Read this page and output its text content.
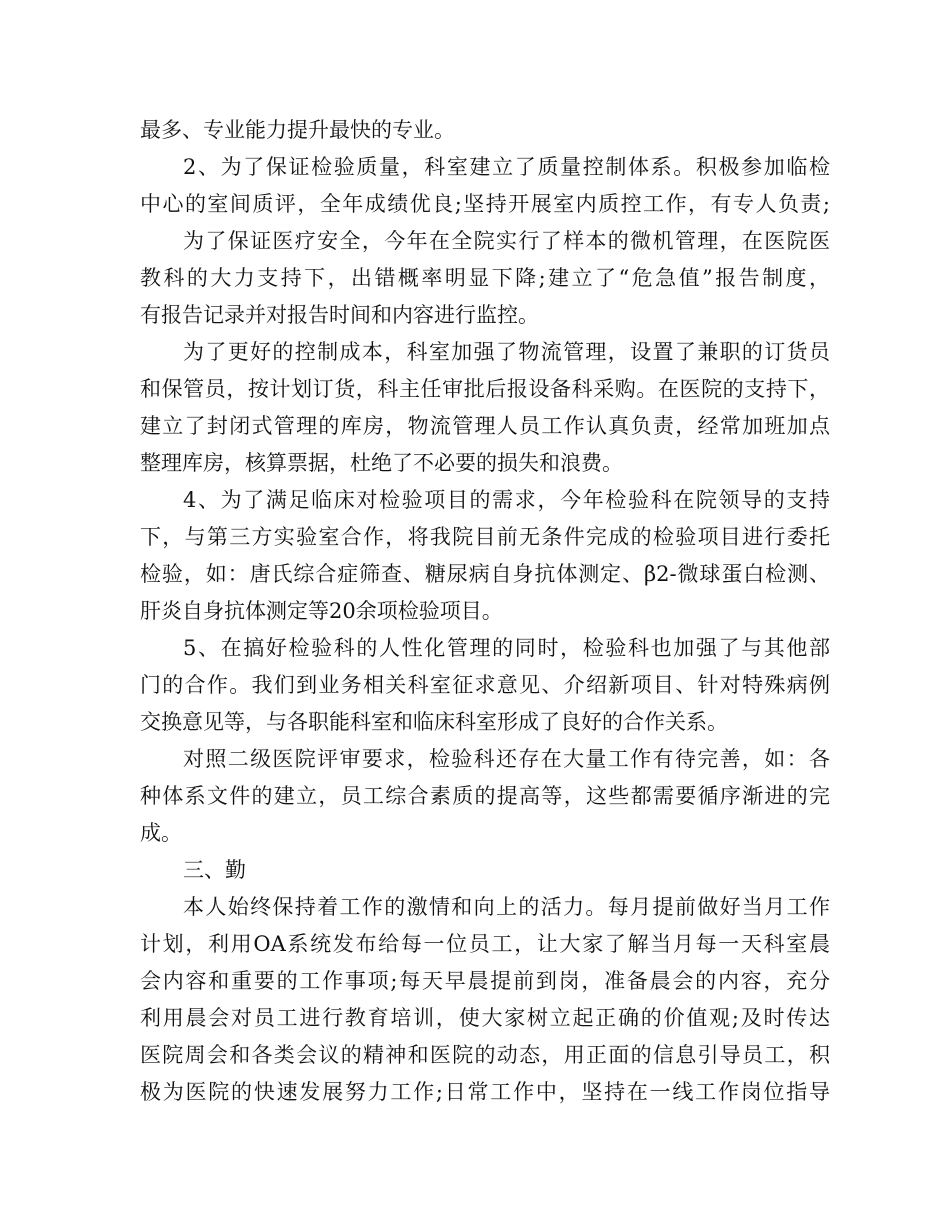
最多、专业能力提升最快的专业。
2、为了保证检验质量，科室建立了质量控制体系。积极参加临检
中心的室间质评，全年成绩优良;坚持开展室内质控工作，有专人负责;
为了保证医疗安全，今年在全院实行了样本的微机管理，在医院医
教科的大力支持下，出错概率明显下降;建立了“危急值”报告制度，
有报告记录并对报告时间和内容进行监控。
为了更好的控制成本，科室加强了物流管理，设置了兼职的订货员
和保管员，按计划订货，科主任审批后报设备科采购。在医院的支持下，
建立了封闭式管理的库房，物流管理人员工作认真负责，经常加班加点
整理库房，核算票据，杜绝了不必要的损失和浪费。
4、为了满足临床对检验项目的需求，今年检验科在院领导的支持
下，与第三方实验室合作，将我院目前无条件完成的检验项目进行委托
检验，如：唐氏综合症筛查、糖尿病自身抗体测定、β2-微球蛋白检测、
肝炎自身抗体测定等20余项检验项目。
5、在搞好检验科的人性化管理的同时，检验科也加强了与其他部
门的合作。我们到业务相关科室征求意见、介绍新项目、针对特殊病例
交换意见等，与各职能科室和临床科室形成了良好的合作关系。
对照二级医院评审要求，检验科还存在大量工作有待完善，如：各
种体系文件的建立，员工综合素质的提高等，这些都需要循序渐进的完
成。
三、勤
本人始终保持着工作的激情和向上的活力。每月提前做好当月工作
计划，利用OA系统发布给每一位员工，让大家了解当月每一天科室晨
会内容和重要的工作事项;每天早晨提前到岗，准备晨会的内容，充分
利用晨会对员工进行教育培训，使大家树立起正确的价值观;及时传达
医院周会和各类会议的精神和医院的动态，用正面的信息引导员工，积
极为医院的快速发展努力工作;日常工作中，坚持在一线工作岗位指导
